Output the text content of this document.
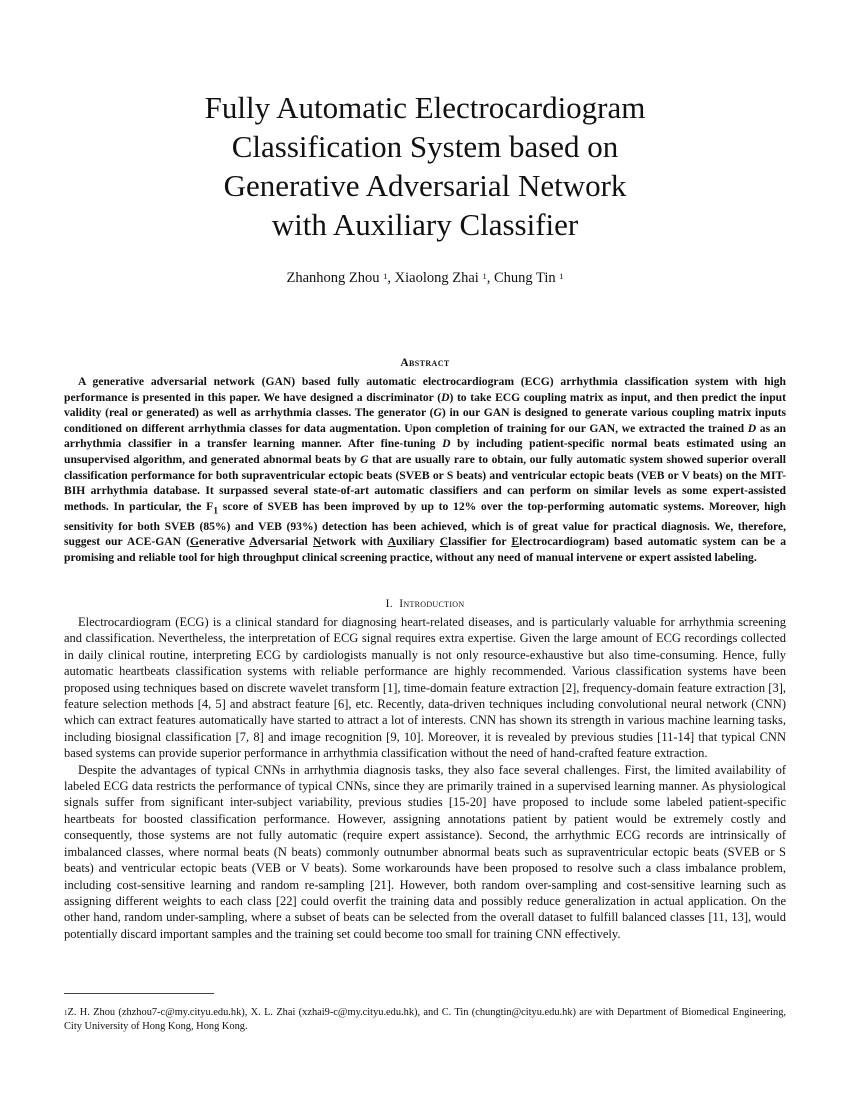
Fully Automatic Electrocardiogram
Classification System based on
Generative Adversarial Network
with Auxiliary Classifier
Zhanhong Zhou $^1$, Xiaolong Zhai $^1$, Chung Tin $^1$
Abstract

A generative adversarial network (GAN) based fully automatic electrocardiogram (ECG) arrhythmia classification system with high performance is presented in this paper. We have designed a discriminator (D) to take ECG coupling matrix as input, and then predict the input validity (real or generated) as well as arrhythmia classes. The generator (G) in our GAN is designed to generate various coupling matrix inputs conditioned on different arrhythmia classes for data augmentation. Upon completion of training for our GAN, we extracted the trained D as an arrhythmia classifier in a transfer learning manner. After fine-tuning D by including patient-specific normal beats estimated using an unsupervised algorithm, and generated abnormal beats by G that are usually rare to obtain, our fully automatic system showed superior overall classification performance for both supraventricular ectopic beats (SVEB or S beats) and ventricular ectopic beats (VEB or V beats) on the MIT-BIH arrhythmia database. It surpassed several state-of-art automatic classifiers and can perform on similar levels as some expert-assisted methods. In particular, the $F_1$ score of SVEB has been improved by up to 12% over the top-performing automatic systems. Moreover, high sensitivity for both SVEB (85%) and VEB (93%) detection has been achieved, which is of great value for practical diagnosis. We, therefore, suggest our ACE-GAN (Generative Adversarial Network with Auxiliary Classifier for Electrocardiogram) based automatic system can be a promising and reliable tool for high throughput clinical screening practice, without any need of manual intervene or expert assisted labeling.

I. Introduction

Electrocardiogram (ECG) is a clinical standard for diagnosing heart-related diseases, and is particularly valuable for arrhythmia screening and classification. Nevertheless, the interpretation of ECG signal requires extra expertise. Given the large amount of ECG recordings collected in daily clinical routine, interpreting ECG by cardiologists manually is not only resource-exhaustive but also time-consuming. Hence, fully automatic heartbeats classification systems with reliable performance are highly recommended. Various classification systems have been proposed using techniques based on discrete wavelet transform [1], time-domain feature extraction [2], frequency-domain feature extraction [3], feature selection methods [4, 5] and abstract feature [6], etc. Recently, data-driven techniques including convolutional neural network (CNN) which can extract features automatically have started to attract a lot of interests. CNN has shown its strength in various machine learning tasks, including biosignal classification [7, 8] and image recognition [9, 10]. Moreover, it is revealed by previous studies [11-14] that typical CNN based systems can provide superior performance in arrhythmia classification without the need of hand-crafted feature extraction.

Despite the advantages of typical CNNs in arrhythmia diagnosis tasks, they also face several challenges. First, the limited availability of labeled ECG data restricts the performance of typical CNNs, since they are primarily trained in a supervised learning manner. As physiological signals suffer from significant inter-subject variability, previous studies [15-20] have proposed to include some labeled patient-specific heartbeats for boosted classification performance. However, assigning annotations patient by patient would be extremely costly and consequently, those systems are not fully automatic (require expert assistance). Second, the arrhythmic ECG records are intrinsically of imbalanced classes, where normal beats (N beats) commonly outnumber abnormal beats such as supraventricular ectopic beats (SVEB or S beats) and ventricular ectopic beats (VEB or V beats). Some workarounds have been proposed to resolve such a class imbalance problem, including cost-sensitive learning and random re-sampling [21]. However, both random over-sampling and cost-sensitive learning such as assigning different weights to each class [22] could overfit the training data and possibly reduce generalization in actual application. On the other hand, random under-sampling, where a subset of beats can be selected from the overall dataset to fulfill balanced classes [11, 13], would potentially discard important samples and the training set could become too small for training CNN effectively.

$^1$Z. H. Zhou (zhzhou7-c@my.cityu.edu.hk), X. L. Zhai (xzhai9-c@my.cityu.edu.hk), and C. Tin (chungtin@cityu.edu.hk) are with Department of Biomedical Engineering, City University of Hong Kong, Hong Kong.
